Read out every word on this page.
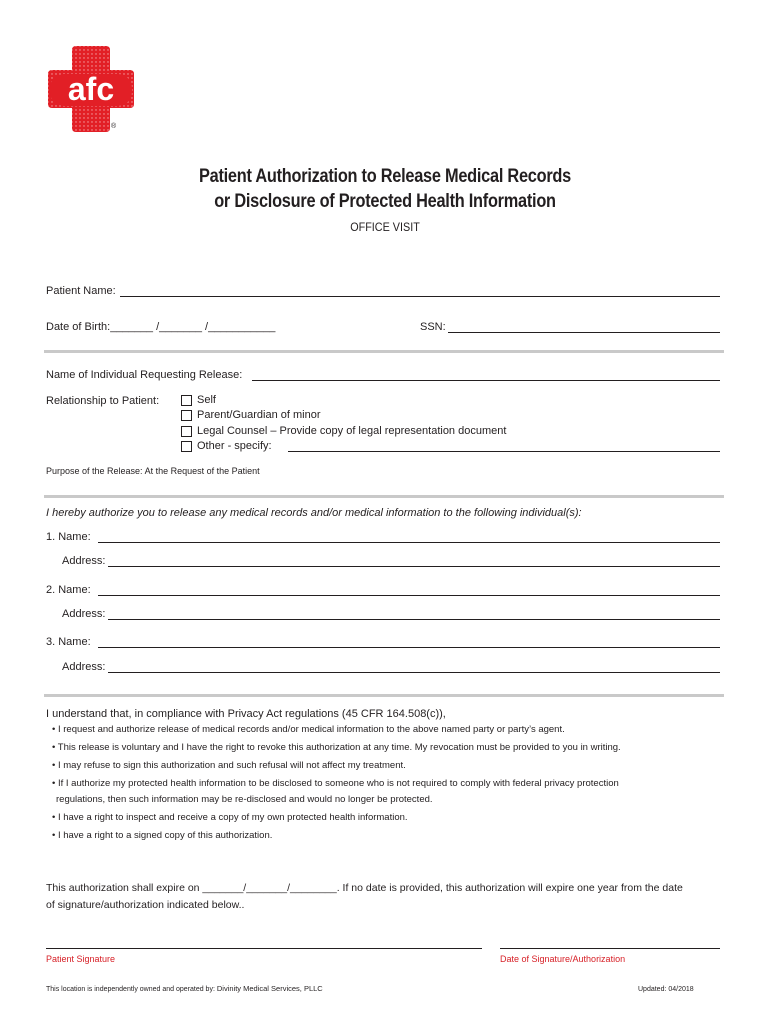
afc
®
Patient Authorization to Release Medical Records
or Disclosure of Protected Health Information
OFFICE VISIT
Patient Name:
Date of Birth:_______ /_______ /___________	SSN:
Name of Individual Requesting Release:
Relationship to Patient:	Self
Parent/Guardian of minor
Legal Counsel – Provide copy of legal representation document
Other - specify:
Purpose of the Release: At the Request of the Patient
I hereby authorize you to release any medical records and/or medical information to the following individual(s):
1. Name:
Address:
2. Name:
Address:
3. Name:
Address:
I understand that, in compliance with Privacy Act regulations (45 CFR 164.508(c)),
• I request and authorize release of medical records and/or medical information to the above named party or party’s agent.
• This release is voluntary and I have the right to revoke this authorization at any time. My revocation must be provided to you in writing.
• I may refuse to sign this authorization and such refusal will not affect my treatment.
• If I authorize my protected health information to be disclosed to someone who is not required to comply with federal privacy protection
regulations, then such information may be re-disclosed and would no longer be protected.
• I have a right to inspect and receive a copy of my own protected health information.
• I have a right to a signed copy of this authorization.
This authorization shall expire on _______/_______/________. If no date is provided, this authorization will expire one year from the date
of signature/authorization indicated below..
Patient Signature	Date of Signature/Authorization
This location is independently owned and operated by: Divinity Medical Services, PLLC	Updated: 04/2018
